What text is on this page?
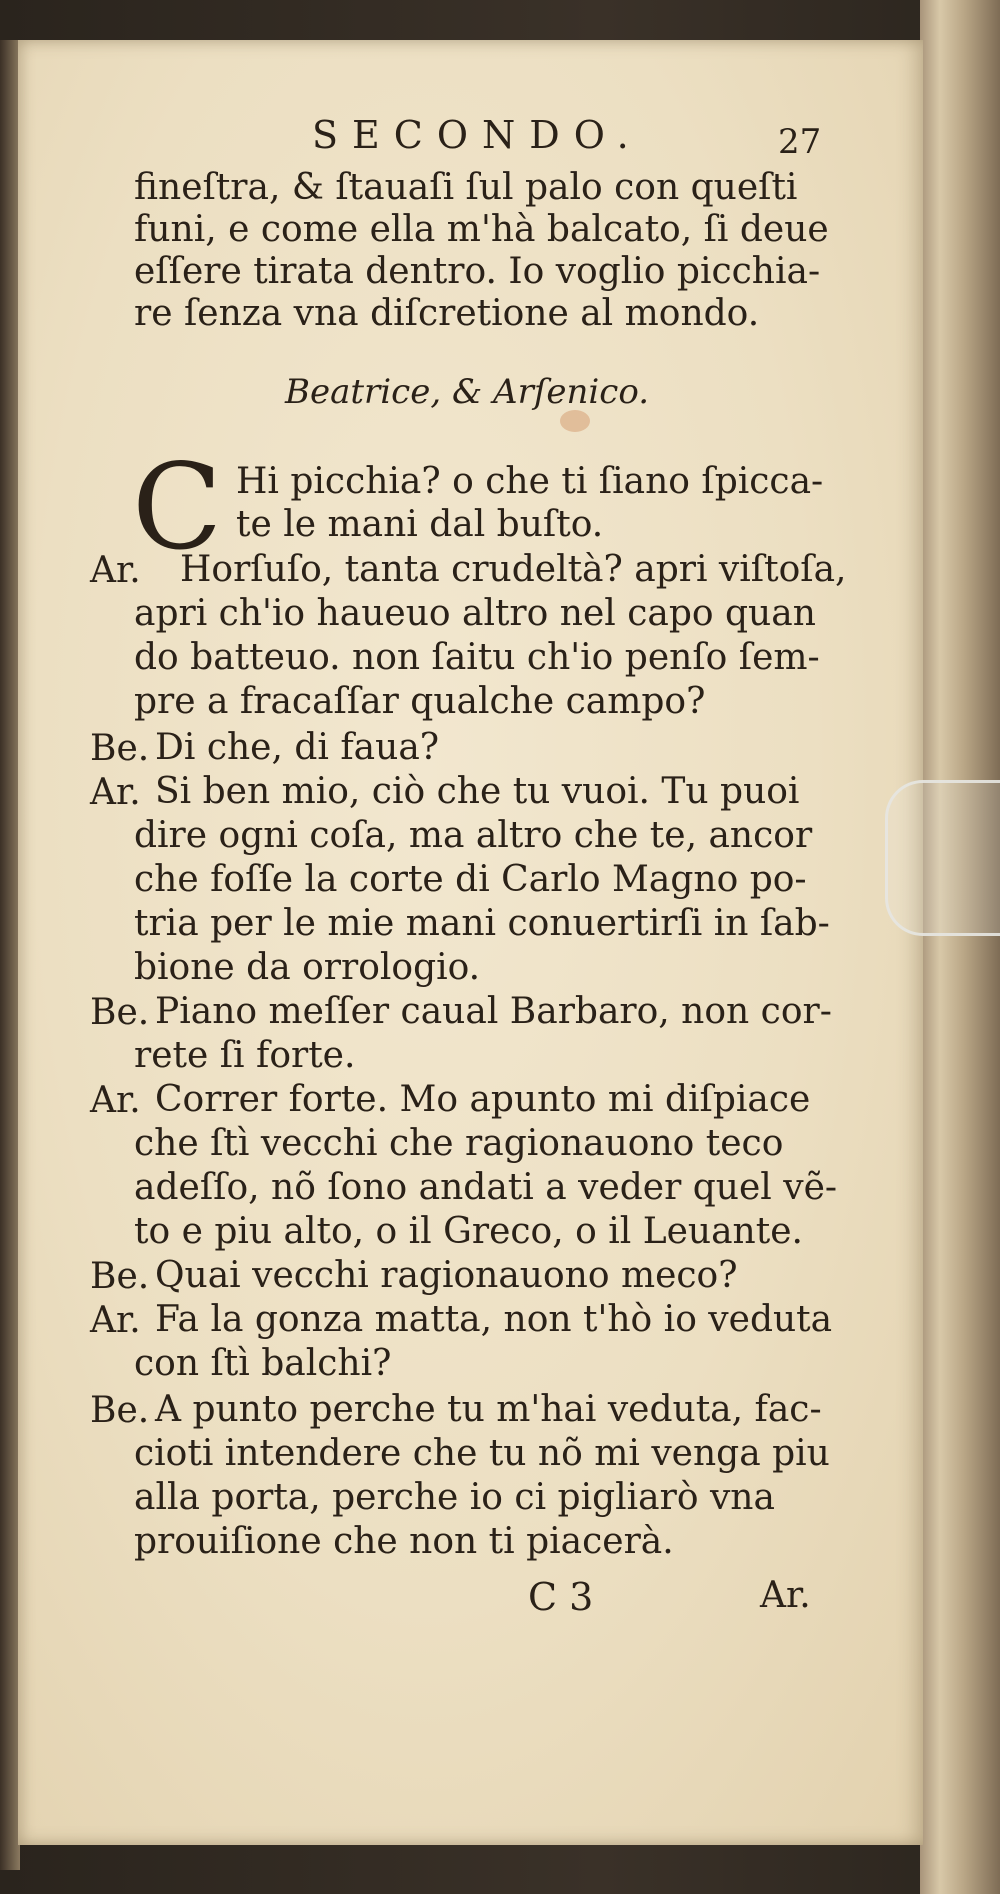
SECONDO.	27
fineſtra, & ſtauaſi ſul palo con queſti
funi, e come ella m'hà balcato, ſi deue
eſſere tirata dentro. Io voglio picchia-
re ſenza vna diſcretione al mondo.
Beatrice, & Arſenico.
C Hi picchia? o che ti ſiano ſpicca-
te le mani dal buſto.
Ar. Horſuſo, tanta crudeltà? apri viſtoſa,
apri ch'io haueuo altro nel capo quan
do batteuo. non ſaitu ch'io penſo ſem-
pre a fracaſſar qualche campo?
Be. Di che, di faua?
Ar. Si ben mio, ciò che tu vuoi. Tu puoi
dire ogni coſa, ma altro che te, ancor
che foſſe la corte di Carlo Magno po-
tria per le mie mani conuertirſi in ſab-
bione da orrologio.
Be. Piano meſſer caual Barbaro, non cor-
rete ſi forte.
Ar. Correr forte. Mo apunto mi diſpiace
che ſtì vecchi che ragionauono teco
adeſſo, nõ ſono andati a veder quel vẽ-
to e piu alto, o il Greco, o il Leuante.
Be. Quai vecchi ragionauono meco?
Ar. Fa la gonza matta, non t'hò io veduta
con ſtì balchi?
Be. A punto perche tu m'hai veduta, fac-
cioti intendere che tu nõ mi venga piu
alla porta, perche io ci pigliarò vna
prouiſione che non ti piacerà.
C 3	Ar.
